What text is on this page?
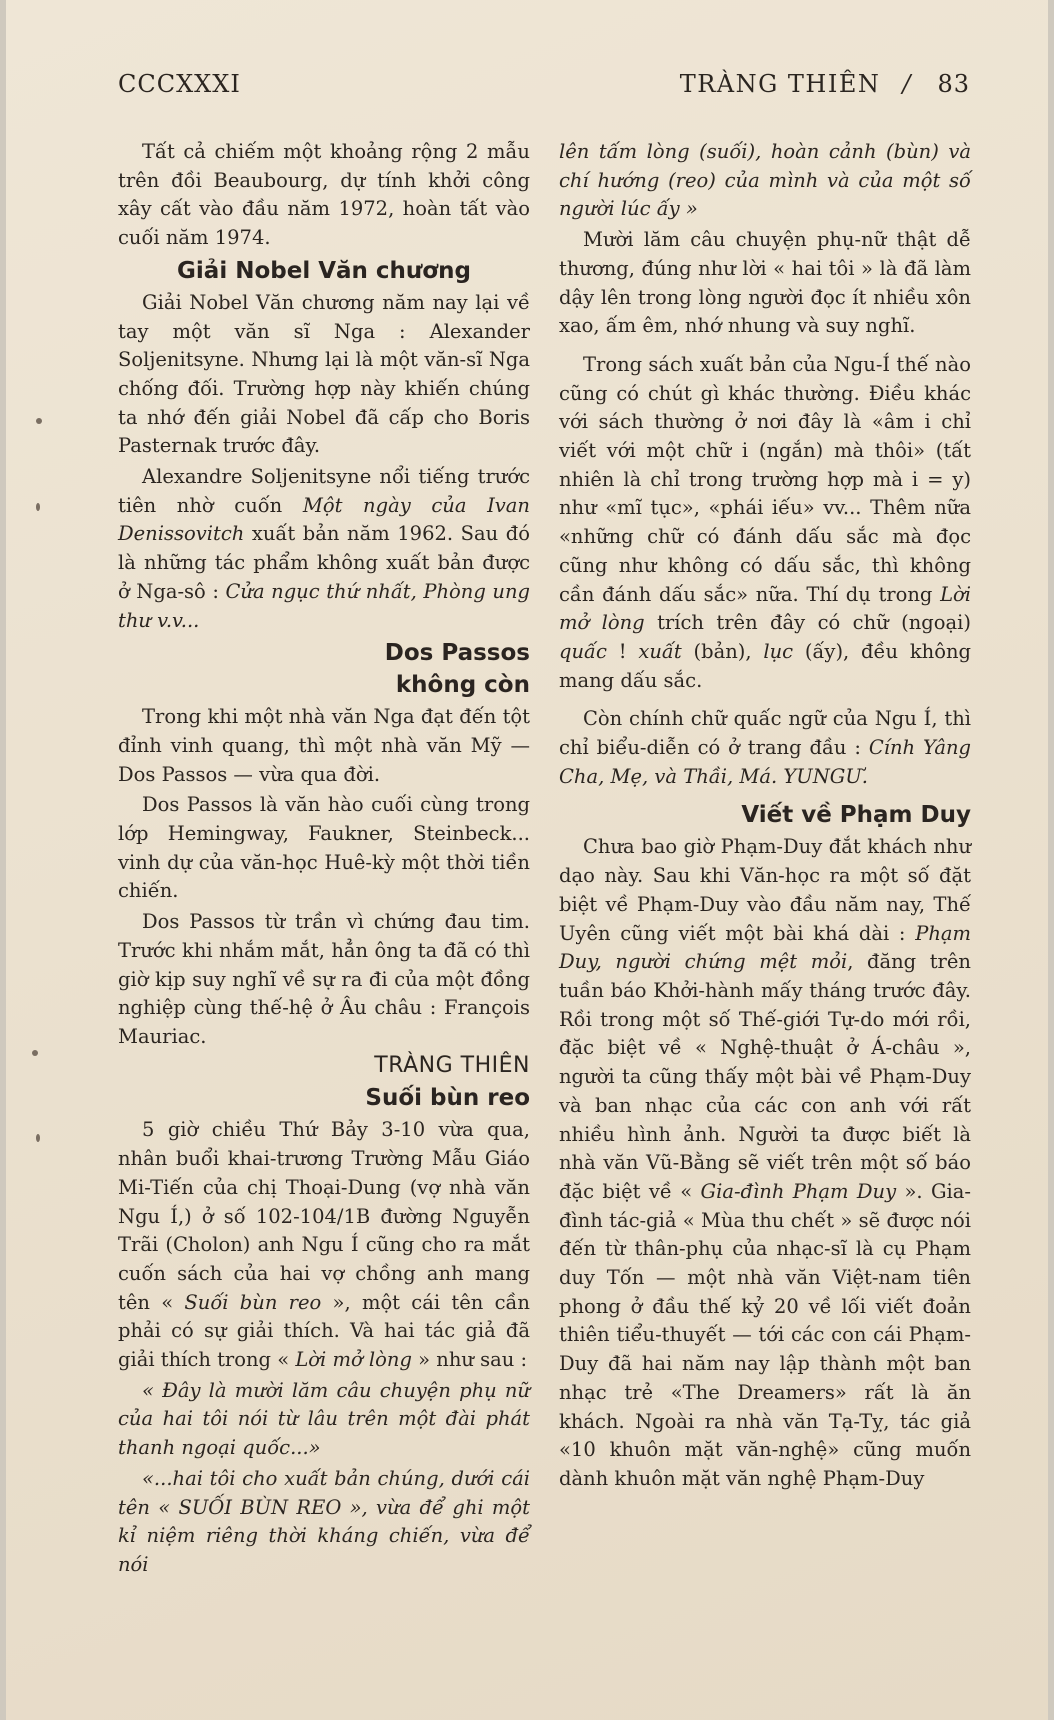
CCCXXXI	TRÀNG THIÊN / 83

Tất cả chiếm một khoảng rộng 2 mẫu trên đồi Beaubourg, dự tính khởi công xây cất vào đầu năm 1972, hoàn tất vào cuối năm 1974.

Giải Nobel Văn chương

Giải Nobel Văn chương năm nay lại về tay một văn sĩ Nga : Alexander Soljenitsyne. Nhưng lại là một văn-sĩ Nga chống đối. Trường hợp này khiến chúng ta nhớ đến giải Nobel đã cấp cho Boris Pasternak trước đây.

Alexandre Soljenitsyne nổi tiếng trước tiên nhờ cuốn Một ngày của Ivan Denissovitch xuất bản năm 1962. Sau đó là những tác phẩm không xuất bản được ở Nga-sô : Cửa ngục thứ nhất, Phòng ung thư v.v...

Dos Passos không còn

Trong khi một nhà văn Nga đạt đến tột đỉnh vinh quang, thì một nhà văn Mỹ — Dos Passos — vừa qua đời.

Dos Passos là văn hào cuối cùng trong lớp Hemingway, Faukner, Steinbeck... vinh dự của văn-học Huê-kỳ một thời tiền chiến.

Dos Passos từ trần vì chứng đau tim. Trước khi nhắm mắt, hẳn ông ta đã có thì giờ kịp suy nghĩ về sự ra đi của một đồng nghiệp cùng thế-hệ ở Âu châu : François Mauriac.

TRÀNG THIÊN
Suối bùn reo

5 giờ chiều Thứ Bảy 3-10 vừa qua, nhân buổi khai-trương Trường Mẫu Giáo Mi-Tiến của chị Thoại-Dung (vợ nhà văn Ngu Í,) ở số 102-104/1B đường Nguyễn Trãi (Cholon) anh Ngu Í cũng cho ra mắt cuốn sách của hai vợ chồng anh mang tên « Suối bùn reo », một cái tên cần phải có sự giải thích. Và hai tác giả đã giải thích trong « Lời mở lòng » như sau :

« Đây là mười lăm câu chuyện phụ nữ của hai tôi nói từ lâu trên một đài phát thanh ngoại quốc...»

«...hai tôi cho xuất bản chúng, dưới cái tên « SUỐI BÙN REO », vừa để ghi một kỉ niệm riêng thời kháng chiến, vừa để nói

lên tấm lòng (suối), hoàn cảnh (bùn) và chí hướng (reo) của mình và của một số người lúc ấy »

Mười lăm câu chuyện phụ-nữ thật dễ thương, đúng như lời « hai tôi » là đã làm dậy lên trong lòng người đọc ít nhiều xôn xao, ấm êm, nhớ nhung và suy nghĩ.

Trong sách xuất bản của Ngu-Í thế nào cũng có chút gì khác thường. Điều khác với sách thường ở nơi đây là «âm i chỉ viết với một chữ i (ngắn) mà thôi» (tất nhiên là chỉ trong trường hợp mà i = y) như «mĩ tục», «phái iếu» vv... Thêm nữa «những chữ có đánh dấu sắc mà đọc cũng như không có dấu sắc, thì không cần đánh dấu sắc» nữa. Thí dụ trong Lời mở lòng trích trên đây có chữ (ngoại) quấc ! xuất (bản), lục (ấy), đều không mang dấu sắc.

Còn chính chữ quấc ngữ của Ngu Í, thì chỉ biểu-diễn có ở trang đầu : Cính Yâng Cha, Mẹ, và Thầi, Má. YUNGƯ.

Viết về Phạm Duy

Chưa bao giờ Phạm-Duy đắt khách như dạo này. Sau khi Văn-học ra một số đặt biệt về Phạm-Duy vào đầu năm nay, Thế Uyên cũng viết một bài khá dài : Phạm Duy, người chứng mệt mỏi, đăng trên tuần báo Khởi-hành mấy tháng trước đây. Rồi trong một số Thế-giới Tự-do mới rồi, đặc biệt về « Nghệ-thuật ở Á-châu », người ta cũng thấy một bài về Phạm-Duy và ban nhạc của các con anh với rất nhiều hình ảnh. Người ta được biết là nhà văn Vũ-Bằng sẽ viết trên một số báo đặc biệt về « Gia-đình Phạm Duy ». Gia-đình tác-giả « Mùa thu chết » sẽ được nói đến từ thân-phụ của nhạc-sĩ là cụ Phạm duy Tốn — một nhà văn Việt-nam tiên phong ở đầu thế kỷ 20 về lối viết đoản thiên tiểu-thuyết — tới các con cái Phạm-Duy đã hai năm nay lập thành một ban nhạc trẻ «The Dreamers» rất là ăn khách. Ngoài ra nhà văn Tạ-Tỵ, tác giả «10 khuôn mặt văn-nghệ» cũng muốn dành khuôn mặt văn nghệ Phạm-Duy
